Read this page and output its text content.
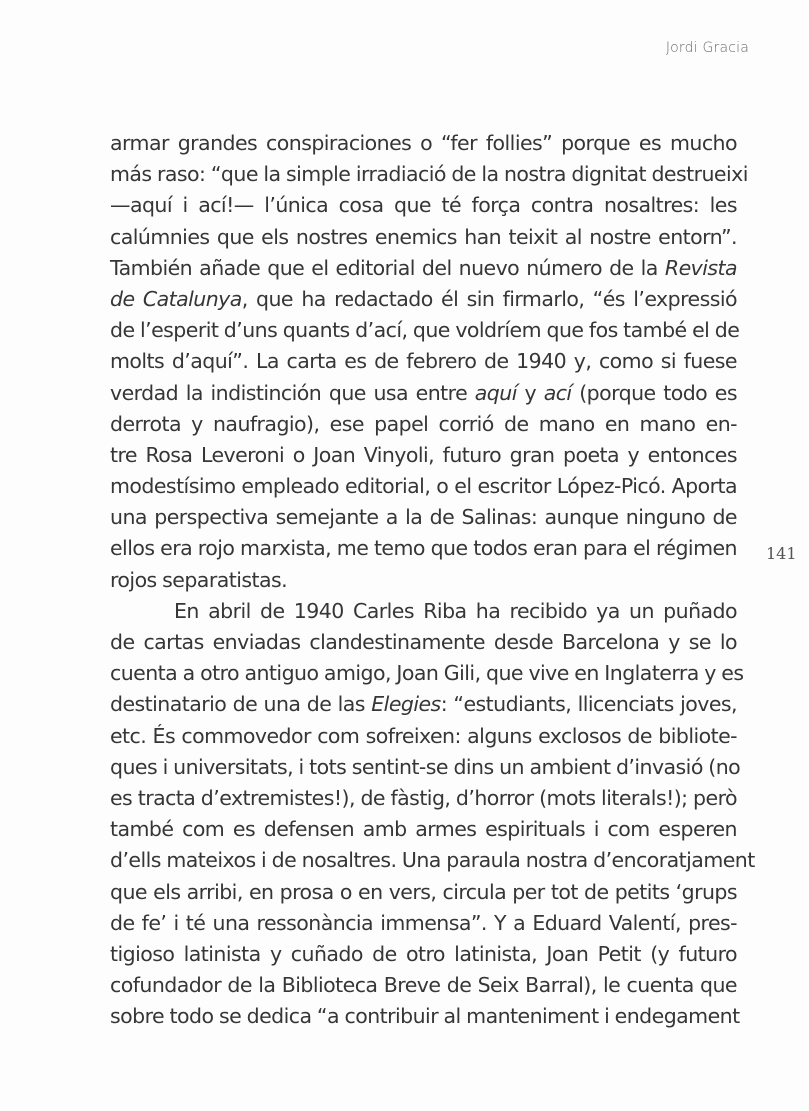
Jordi Gracia
141
armar grandes conspiraciones o “fer follies” porque es mucho
más raso: “que la simple irradiació de la nostra dignitat destrueixi
—aquí i ací!— l’única cosa que té força contra nosaltres: les
calúmnies que els nostres enemics han teixit al nostre entorn”.
También añade que el editorial del nuevo número de la Revista
de Catalunya, que ha redactado él sin firmarlo, “és l’expressió
de l’esperit d’uns quants d’ací, que voldríem que fos també el de
molts d’aquí”. La carta es de febrero de 1940 y, como si fuese
verdad la indistinción que usa entre aquí y ací (porque todo es
derrota y naufragio), ese papel corrió de mano en mano en-
tre Rosa Leveroni o Joan Vinyoli, futuro gran poeta y entonces
modestísimo empleado editorial, o el escritor López-Picó. Aporta
una perspectiva semejante a la de Salinas: aunque ninguno de
ellos era rojo marxista, me temo que todos eran para el régimen
rojos separatistas.
En abril de 1940 Carles Riba ha recibido ya un puñado
de cartas enviadas clandestinamente desde Barcelona y se lo
cuenta a otro antiguo amigo, Joan Gili, que vive en Inglaterra y es
destinatario de una de las Elegies: “estudiants, llicenciats joves,
etc. És commovedor com sofreixen: alguns exclosos de bibliote-
ques i universitats, i tots sentint-se dins un ambient d’invasió (no
es tracta d’extremistes!), de fàstig, d’horror (mots literals!); però
també com es defensen amb armes espirituals i com esperen
d’ells mateixos i de nosaltres. Una paraula nostra d’encoratjament
que els arribi, en prosa o en vers, circula per tot de petits ‘grups
de fe’ i té una ressonància immensa”. Y a Eduard Valentí, pres-
tigioso latinista y cuñado de otro latinista, Joan Petit (y futuro
cofundador de la Biblioteca Breve de Seix Barral), le cuenta que
sobre todo se dedica “a contribuir al manteniment i endegament
